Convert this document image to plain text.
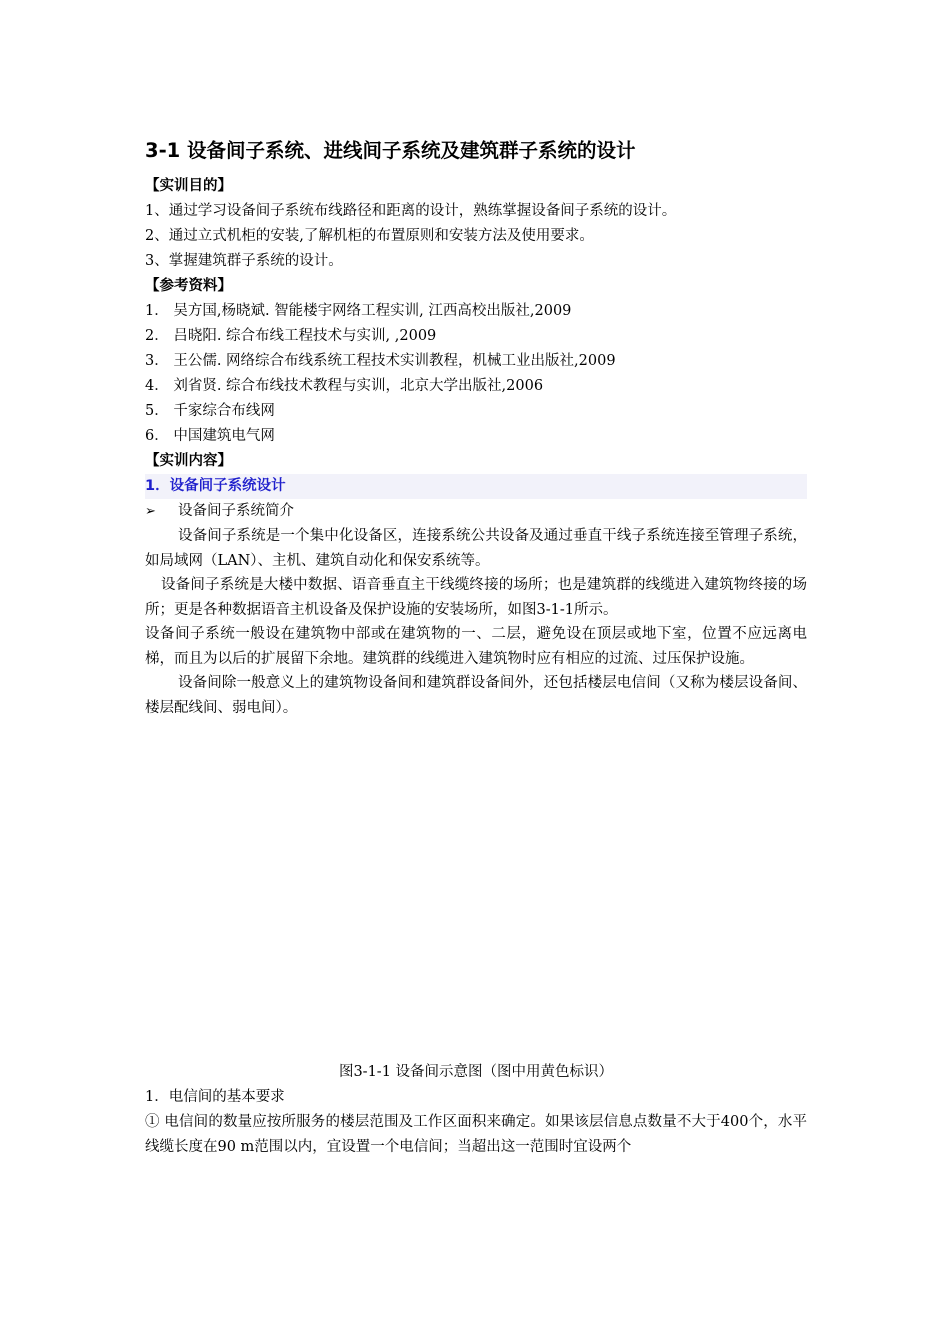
3-1 设备间子系统、进线间子系统及建筑群子系统的设计
【实训目的】
1、通过学习设备间子系统布线路径和距离的设计，熟练掌握设备间子系统的设计。
2、通过立式机柜的安装,了解机柜的布置原则和安装方法及使用要求。
3、掌握建筑群子系统的设计。
【参考资料】
1． 吴方国,杨晓斌. 智能楼宇网络工程实训, 江西高校出版社,2009
2． 吕晓阳. 综合布线工程技术与实训, ,2009
3． 王公儒. 网络综合布线系统工程技术实训教程，机械工业出版社,2009
4． 刘省贤. 综合布线技术教程与实训，北京大学出版社,2006
5． 千家综合布线网
6． 中国建筑电气网
【实训内容】
1．设备间子系统设计
➢	设备间子系统简介

设备间子系统是一个集中化设备区，连接系统公共设备及通过垂直干线子系统连接至管理子系统，如局域网（LAN）、主机、建筑自动化和保安系统等。

设备间子系统是大楼中数据、语音垂直主干线缆终接的场所；也是建筑群的线缆进入建筑物终接的场所；更是各种数据语音主机设备及保护设施的安装场所，如图3-1-1所示。

设备间子系统一般设在建筑物中部或在建筑物的一、二层，避免设在顶层或地下室，位置不应远离电梯，而且为以后的扩展留下余地。建筑群的线缆进入建筑物时应有相应的过流、过压保护设施。

设备间除一般意义上的建筑物设备间和建筑群设备间外，还包括楼层电信间（又称为楼层设备间、楼层配线间、弱电间）。

图3-1-1 设备间示意图（图中用黄色标识）
1．电信间的基本要求

① 电信间的数量应按所服务的楼层范围及工作区面积来确定。如果该层信息点数量不大于400个，水平线缆长度在90 m范围以内，宜设置一个电信间；当超出这一范围时宜设两个
